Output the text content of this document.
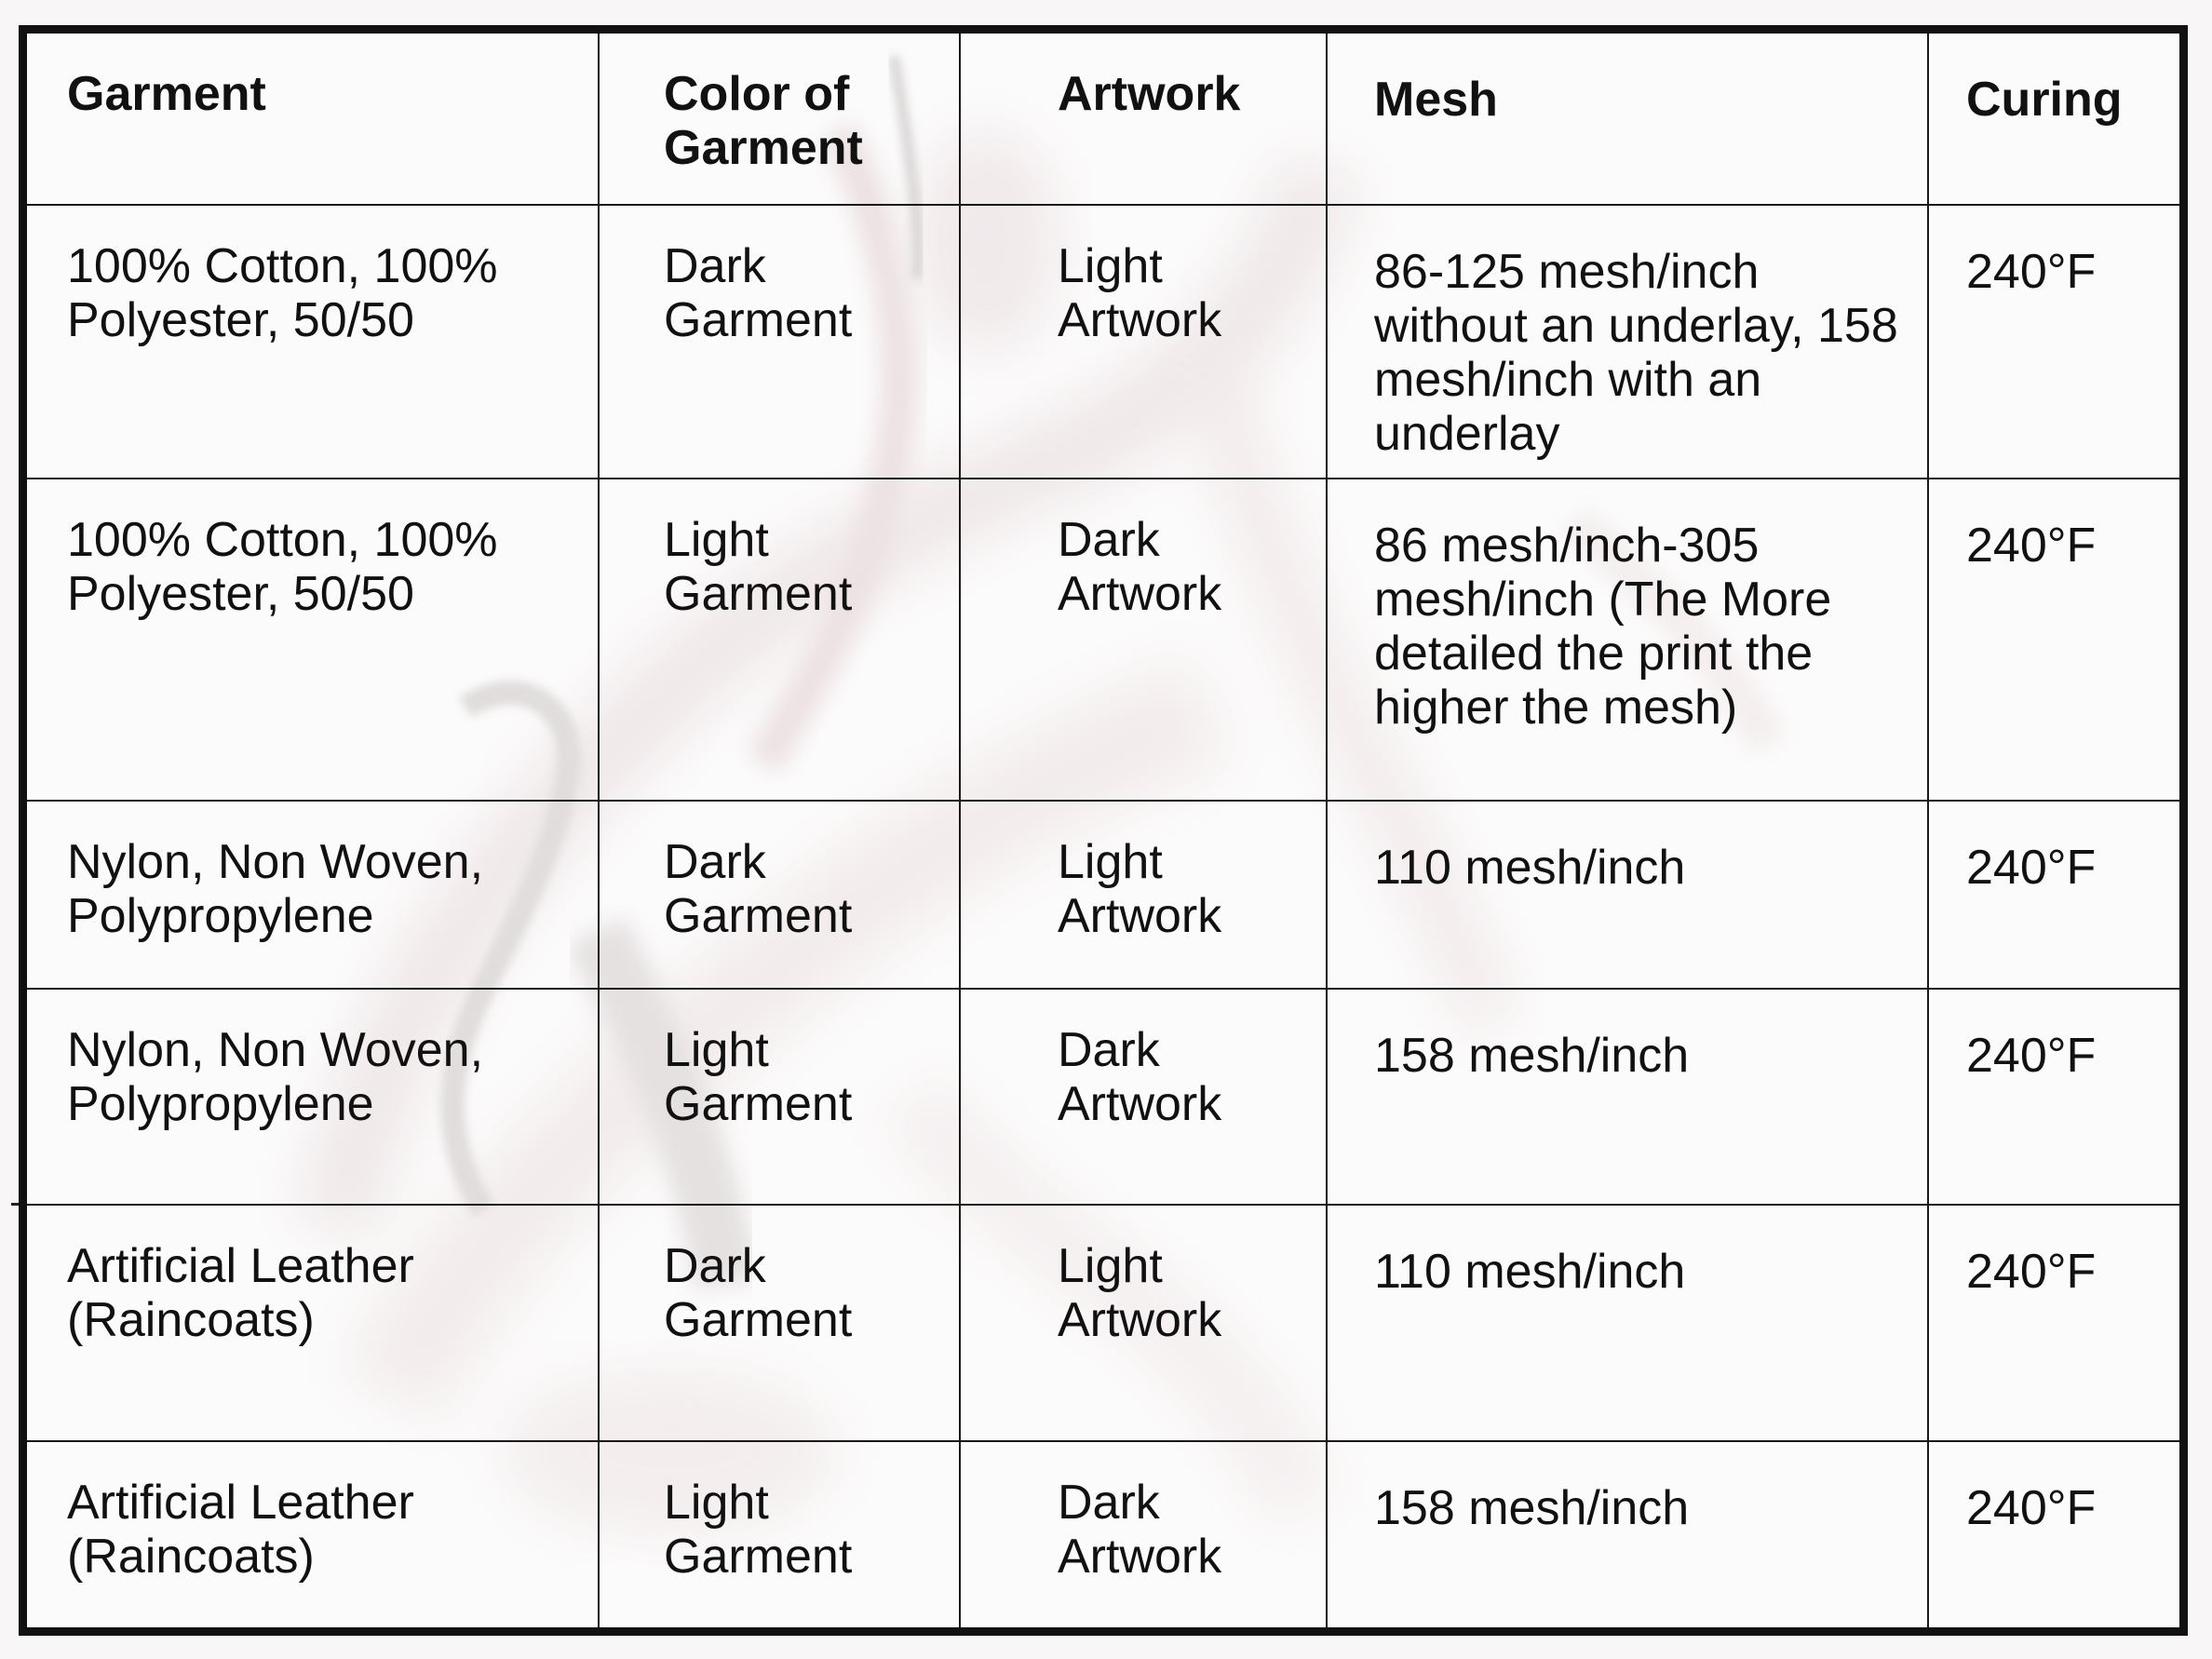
Garment	Color of Garment	Artwork	Mesh	Curing

100% Cotton, 100% Polyester, 50/50	Dark Garment	Light Artwork	86-125 mesh/inch without an underlay, 158 mesh/inch with an underlay	240°F

100% Cotton, 100% Polyester, 50/50	Light Garment	Dark Artwork	86 mesh/inch-305 mesh/inch (The More detailed the print the higher the mesh)	240°F

Nylon, Non Woven, Polypropylene	Dark Garment	Light Artwork	110 mesh/inch	240°F

Nylon, Non Woven, Polypropylene	Light Garment	Dark Artwork	158 mesh/inch	240°F

Artificial Leather (Raincoats)	Dark Garment	Light Artwork	110 mesh/inch	240°F

Artificial Leather (Raincoats)	Light Garment	Dark Artwork	158 mesh/inch	240°F
